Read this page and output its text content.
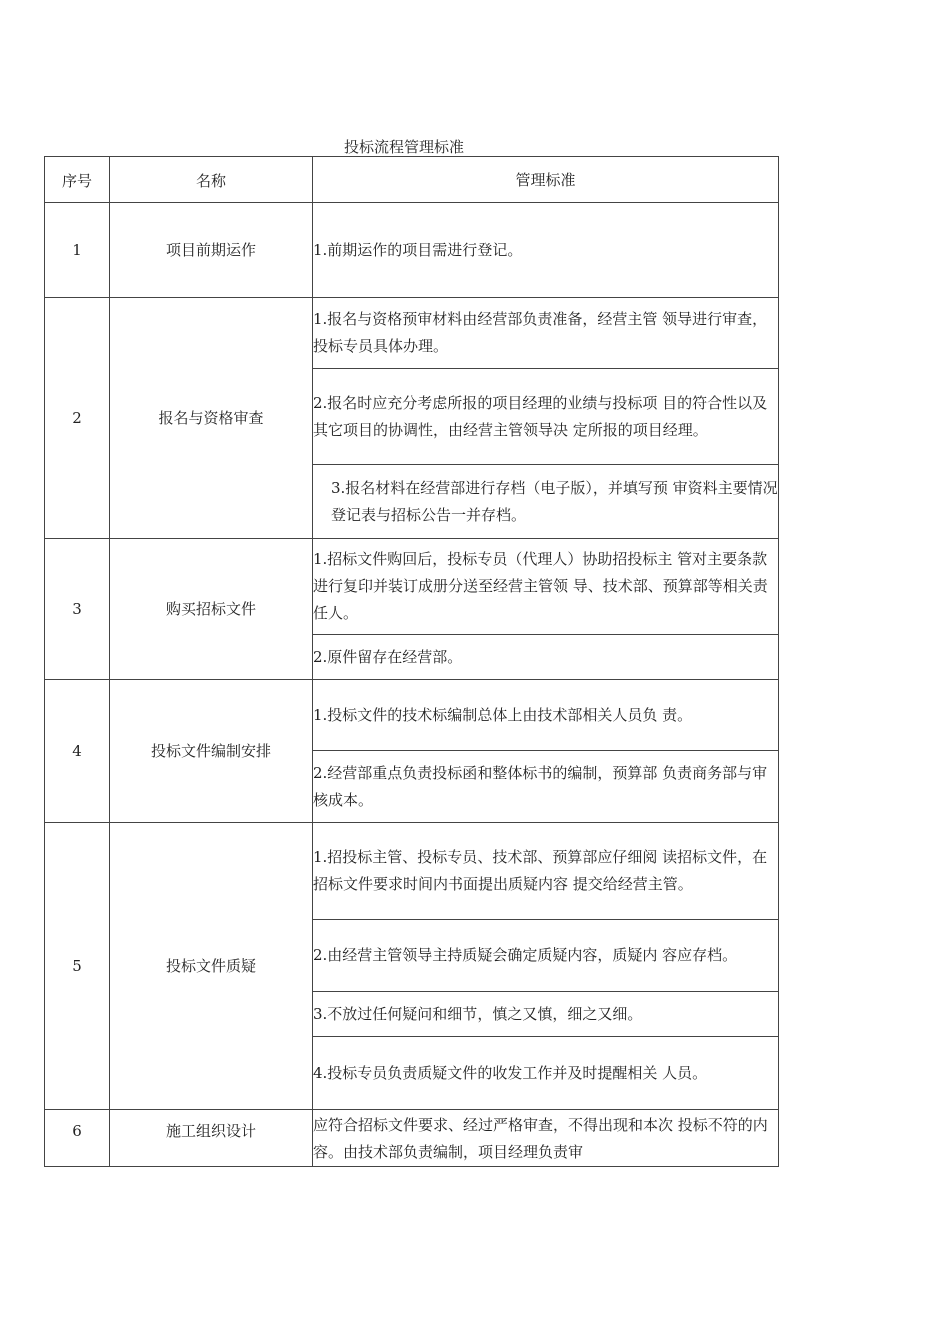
投标流程管理标准
序号	名称	管理标准
1	项目前期运作	1.前期运作的项目需进行登记。
2	报名与资格审查	1.报名与资格预审材料由经营部负责准备，经营主管 领导进行审查，投标专员具体办理。
		2.报名时应充分考虑所报的项目经理的业绩与投标项 目的符合性以及其它项目的协调性，由经营主管领导决 定所报的项目经理。
		3.报名材料在经营部进行存档（电子版），并填写预 审资料主要情况登记表与招标公告一并存档。
3	购买招标文件	1.招标文件购回后，投标专员（代理人）协助招投标主 管对主要条款进行复印并装订成册分送至经营主管领 导、技术部、预算部等相关责任人。
		2.原件留存在经营部。
4	投标文件编制安排	1.投标文件的技术标编制总体上由技术部相关人员负 责。
		2.经营部重点负责投标函和整体标书的编制，预算部 负责商务部与审核成本。
5	投标文件质疑	1.招投标主管、投标专员、技术部、预算部应仔细阅 读招标文件，在招标文件要求时间内书面提出质疑内容 提交给经营主管。
		2.由经营主管领导主持质疑会确定质疑内容，质疑内 容应存档。
		3.不放过任何疑问和细节，慎之又慎，细之又细。
		4.投标专员负责质疑文件的收发工作并及时提醒相关 人员。
6	施工组织设计	应符合招标文件要求、经过严格审查，不得出现和本次 投标不符的内容。由技术部负责编制，项目经理负责审
